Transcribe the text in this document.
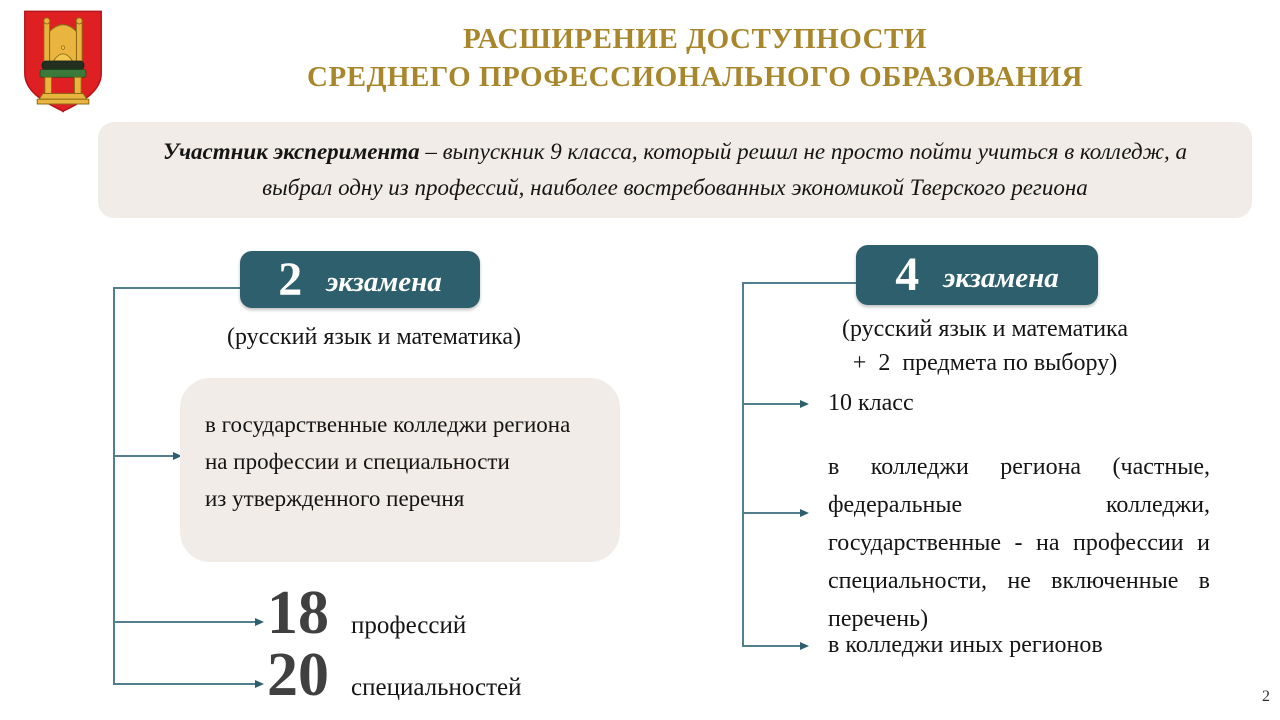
РАСШИРЕНИЕ ДОСТУПНОСТИ
СРЕДНЕГО ПРОФЕССИОНАЛЬНОГО ОБРАЗОВАНИЯ

Участник эксперимента – выпускник 9 класса, который решил не просто пойти учиться в колледж, а выбрал одну из профессий, наиболее востребованных экономикой Тверского региона

2 экзамена	4 экзамена
(русский язык и математика)	(русский язык и математика
+  2  предмета по выбору)
в государственные колледжи региона
на профессии и специальности
из утвержденного перечня
18 профессий
20 специальностей
10 класс
в колледжи региона (частные, федеральные колледжи, государственные - на профессии и специальности, не включенные в перечень)
в колледжи иных регионов
2
